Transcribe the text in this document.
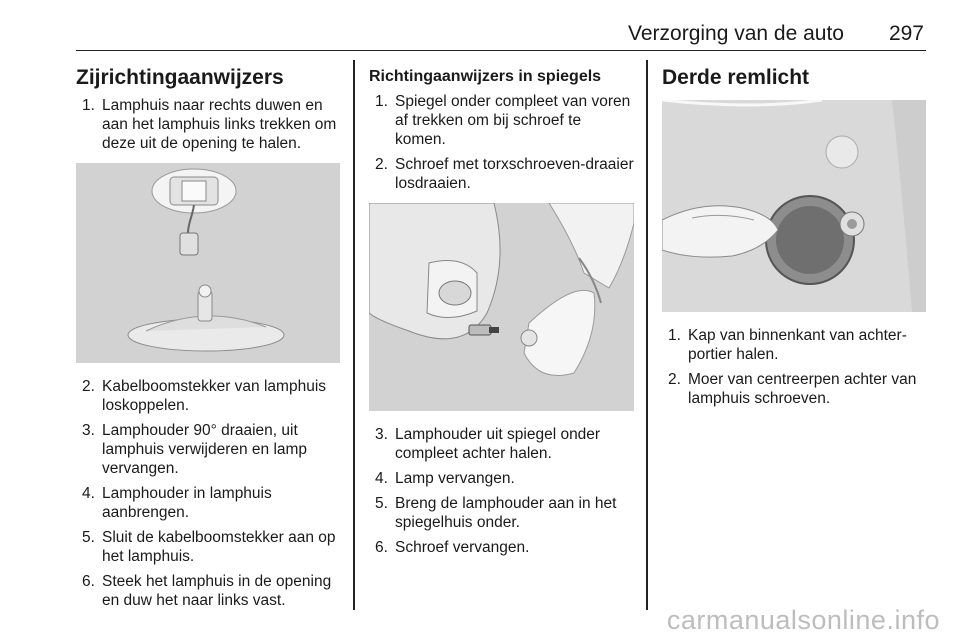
Verzorging van de auto 297
Zijrichtingaanwijzers
1. Lamphuis naar rechts duwen en aan het lamphuis links trekken om deze uit de opening te halen.
2. Kabelboomstekker van lamphuis loskoppelen.
3. Lamphouder 90° draaien, uit lamphuis verwijderen en lamp vervangen.
4. Lamphouder in lamphuis aanbrengen.
5. Sluit de kabelboomstekker aan op het lamphuis.
6. Steek het lamphuis in de opening en duw het naar links vast.
Richtingaanwijzers in spiegels
1. Spiegel onder compleet van voren af trekken om bij schroef te komen.
2. Schroef met torxschroeven-draaier losdraaien.
3. Lamphouder uit spiegel onder compleet achter halen.
4. Lamp vervangen.
5. Breng de lamphouder aan in het spiegelhuis onder.
6. Schroef vervangen.
Derde remlicht
1. Kap van binnenkant van achter-portier halen.
2. Moer van centreerpen achter van lamphuis schroeven.
carmanualsonline.info
